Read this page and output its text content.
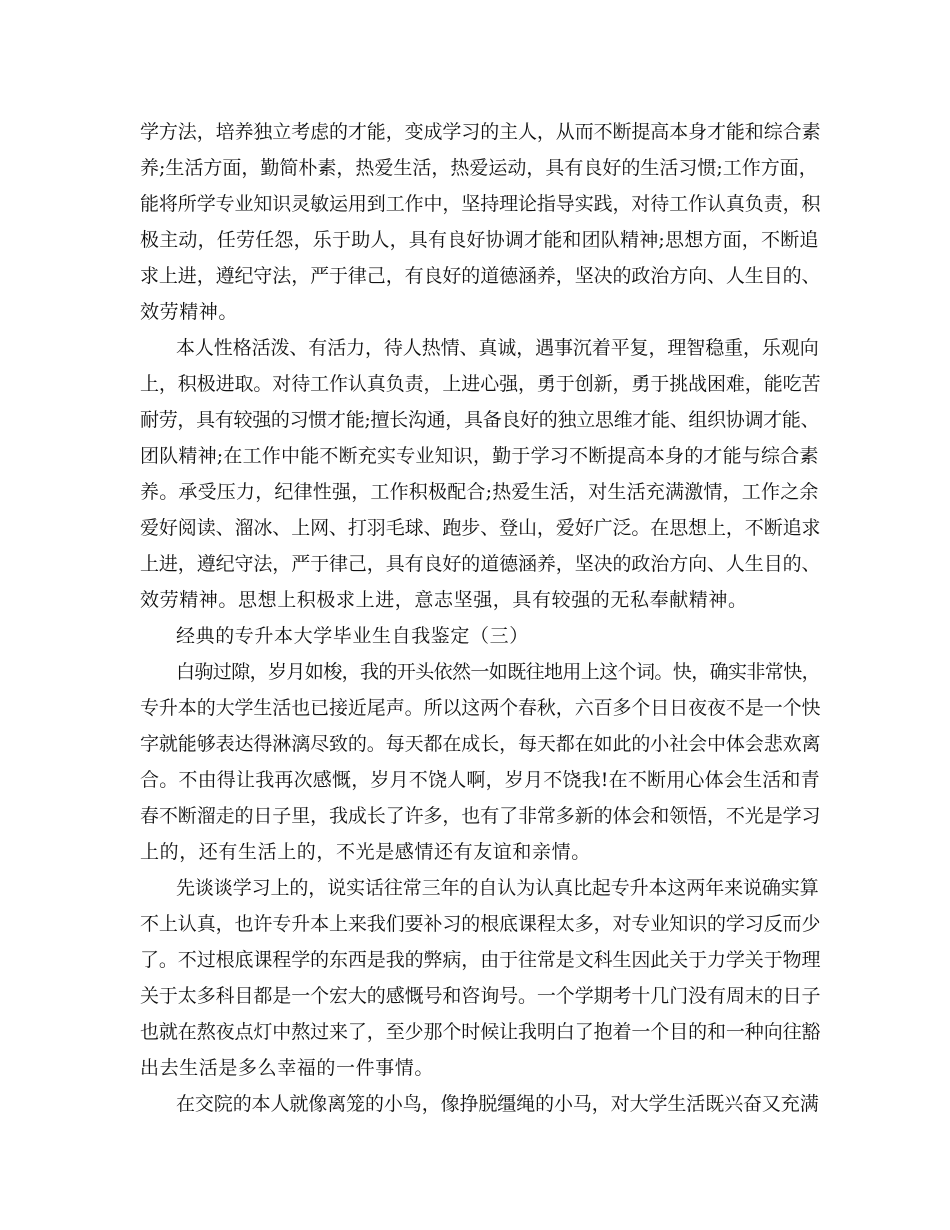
学方法，培养独立考虑的才能，变成学习的主人，从而不断提高本身才能和综合素
养;生活方面，勤简朴素，热爱生活，热爱运动，具有良好的生活习惯;工作方面，
能将所学专业知识灵敏运用到工作中，坚持理论指导实践，对待工作认真负责，积
极主动，任劳任怨，乐于助人，具有良好协调才能和团队精神;思想方面，不断追
求上进，遵纪守法，严于律己，有良好的道德涵养，坚决的政治方向、人生目的、
效劳精神。
本人性格活泼、有活力，待人热情、真诚，遇事沉着平复，理智稳重，乐观向
上，积极进取。对待工作认真负责，上进心强，勇于创新，勇于挑战困难，能吃苦
耐劳，具有较强的习惯才能;擅长沟通，具备良好的独立思维才能、组织协调才能、
团队精神;在工作中能不断充实专业知识，勤于学习不断提高本身的才能与综合素
养。承受压力，纪律性强，工作积极配合;热爱生活，对生活充满激情，工作之余
爱好阅读、溜冰、上网、打羽毛球、跑步、登山，爱好广泛。在思想上，不断追求
上进，遵纪守法，严于律己，具有良好的道德涵养，坚决的政治方向、人生目的、
效劳精神。思想上积极求上进，意志坚强，具有较强的无私奉献精神。
经典的专升本大学毕业生自我鉴定（三）
白驹过隙，岁月如梭，我的开头依然一如既往地用上这个词。快，确实非常快，
专升本的大学生活也已接近尾声。所以这两个春秋，六百多个日日夜夜不是一个快
字就能够表达得淋漓尽致的。每天都在成长，每天都在如此的小社会中体会悲欢离
合。不由得让我再次感慨，岁月不饶人啊，岁月不饶我!在不断用心体会生活和青
春不断溜走的日子里，我成长了许多，也有了非常多新的体会和领悟，不光是学习
上的，还有生活上的，不光是感情还有友谊和亲情。
先谈谈学习上的，说实话往常三年的自认为认真比起专升本这两年来说确实算
不上认真，也许专升本上来我们要补习的根底课程太多，对专业知识的学习反而少
了。不过根底课程学的东西是我的弊病，由于往常是文科生因此关于力学关于物理
关于太多科目都是一个宏大的感慨号和咨询号。一个学期考十几门没有周末的日子
也就在熬夜点灯中熬过来了，至少那个时候让我明白了抱着一个目的和一种向往豁
出去生活是多么幸福的一件事情。
在交院的本人就像离笼的小鸟，像挣脱缰绳的小马，对大学生活既兴奋又充满
